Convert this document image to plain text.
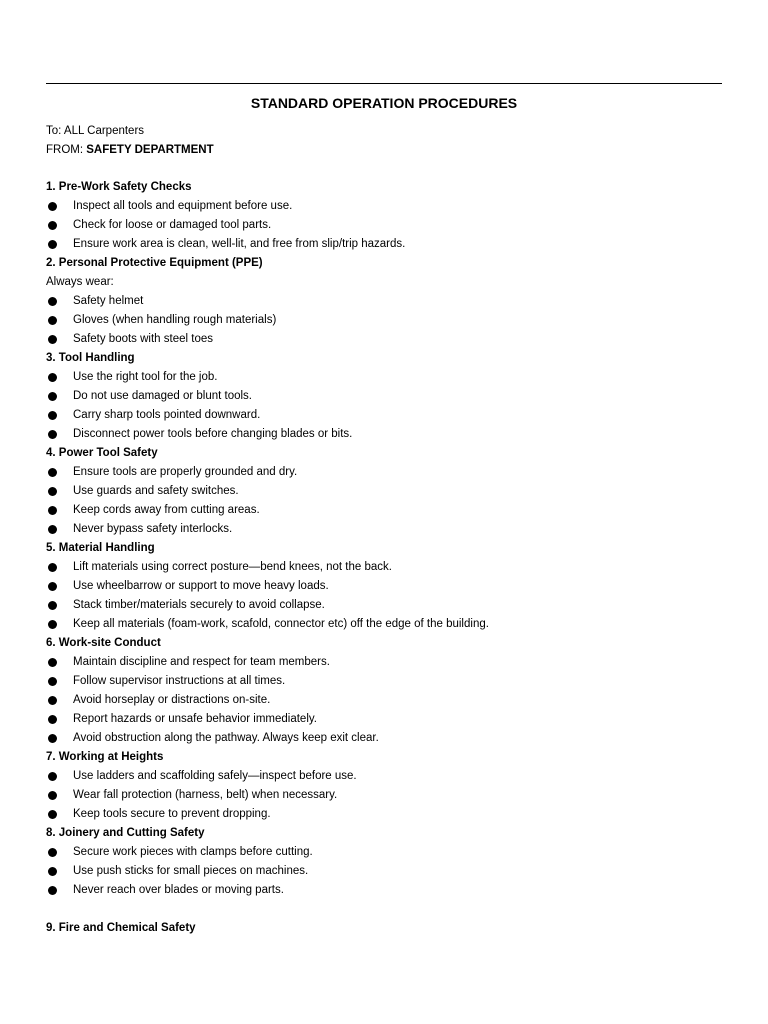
STANDARD OPERATION PROCEDURES
To: ALL Carpenters
FROM: SAFETY DEPARTMENT
1. Pre-Work Safety Checks
Inspect all tools and equipment before use.
Check for loose or damaged tool parts.
Ensure work area is clean, well-lit, and free from slip/trip hazards.
2. Personal Protective Equipment (PPE)
Always wear:
Safety helmet
Gloves (when handling rough materials)
Safety boots with steel toes
3. Tool Handling
Use the right tool for the job.
Do not use damaged or blunt tools.
Carry sharp tools pointed downward.
Disconnect power tools before changing blades or bits.
4. Power Tool Safety
Ensure tools are properly grounded and dry.
Use guards and safety switches.
Keep cords away from cutting areas.
Never bypass safety interlocks.
5. Material Handling
Lift materials using correct posture—bend knees, not the back.
Use wheelbarrow or support to move heavy loads.
Stack timber/materials securely to avoid collapse.
Keep all materials (foam-work, scafold, connector etc) off the edge of the building.
6. Work-site Conduct
Maintain discipline and respect for team members.
Follow supervisor instructions at all times.
Avoid horseplay or distractions on-site.
Report hazards or unsafe behavior immediately.
Avoid obstruction along the pathway. Always keep exit clear.
7. Working at Heights
Use ladders and scaffolding safely—inspect before use.
Wear fall protection (harness, belt) when necessary.
Keep tools secure to prevent dropping.
8. Joinery and Cutting Safety
Secure work pieces with clamps before cutting.
Use push sticks for small pieces on machines.
Never reach over blades or moving parts.
9. Fire and Chemical Safety
